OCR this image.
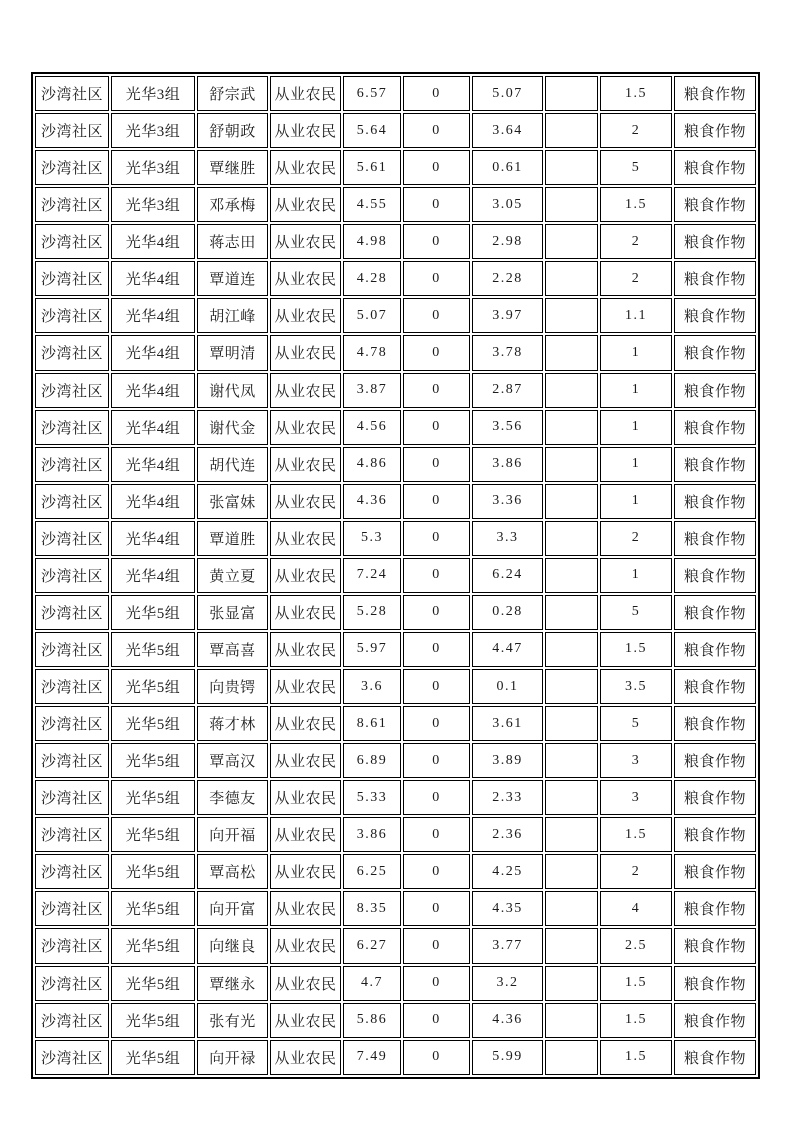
沙湾社区	光华3组	舒宗武	从业农民	6.57	0	5.07		1.5	粮食作物
沙湾社区	光华3组	舒朝政	从业农民	5.64	0	3.64		2	粮食作物
沙湾社区	光华3组	覃继胜	从业农民	5.61	0	0.61		5	粮食作物
沙湾社区	光华3组	邓承梅	从业农民	4.55	0	3.05		1.5	粮食作物
沙湾社区	光华4组	蒋志田	从业农民	4.98	0	2.98		2	粮食作物
沙湾社区	光华4组	覃道连	从业农民	4.28	0	2.28		2	粮食作物
沙湾社区	光华4组	胡江峰	从业农民	5.07	0	3.97		1.1	粮食作物
沙湾社区	光华4组	覃明清	从业农民	4.78	0	3.78		1	粮食作物
沙湾社区	光华4组	谢代凤	从业农民	3.87	0	2.87		1	粮食作物
沙湾社区	光华4组	谢代金	从业农民	4.56	0	3.56		1	粮食作物
沙湾社区	光华4组	胡代连	从业农民	4.86	0	3.86		1	粮食作物
沙湾社区	光华4组	张富妹	从业农民	4.36	0	3.36		1	粮食作物
沙湾社区	光华4组	覃道胜	从业农民	5.3	0	3.3		2	粮食作物
沙湾社区	光华4组	黄立夏	从业农民	7.24	0	6.24		1	粮食作物
沙湾社区	光华5组	张显富	从业农民	5.28	0	0.28		5	粮食作物
沙湾社区	光华5组	覃高喜	从业农民	5.97	0	4.47		1.5	粮食作物
沙湾社区	光华5组	向贵锷	从业农民	3.6	0	0.1		3.5	粮食作物
沙湾社区	光华5组	蒋才林	从业农民	8.61	0	3.61		5	粮食作物
沙湾社区	光华5组	覃高汉	从业农民	6.89	0	3.89		3	粮食作物
沙湾社区	光华5组	李德友	从业农民	5.33	0	2.33		3	粮食作物
沙湾社区	光华5组	向开福	从业农民	3.86	0	2.36		1.5	粮食作物
沙湾社区	光华5组	覃高松	从业农民	6.25	0	4.25		2	粮食作物
沙湾社区	光华5组	向开富	从业农民	8.35	0	4.35		4	粮食作物
沙湾社区	光华5组	向继良	从业农民	6.27	0	3.77		2.5	粮食作物
沙湾社区	光华5组	覃继永	从业农民	4.7	0	3.2		1.5	粮食作物
沙湾社区	光华5组	张有光	从业农民	5.86	0	4.36		1.5	粮食作物
沙湾社区	光华5组	向开禄	从业农民	7.49	0	5.99		1.5	粮食作物
